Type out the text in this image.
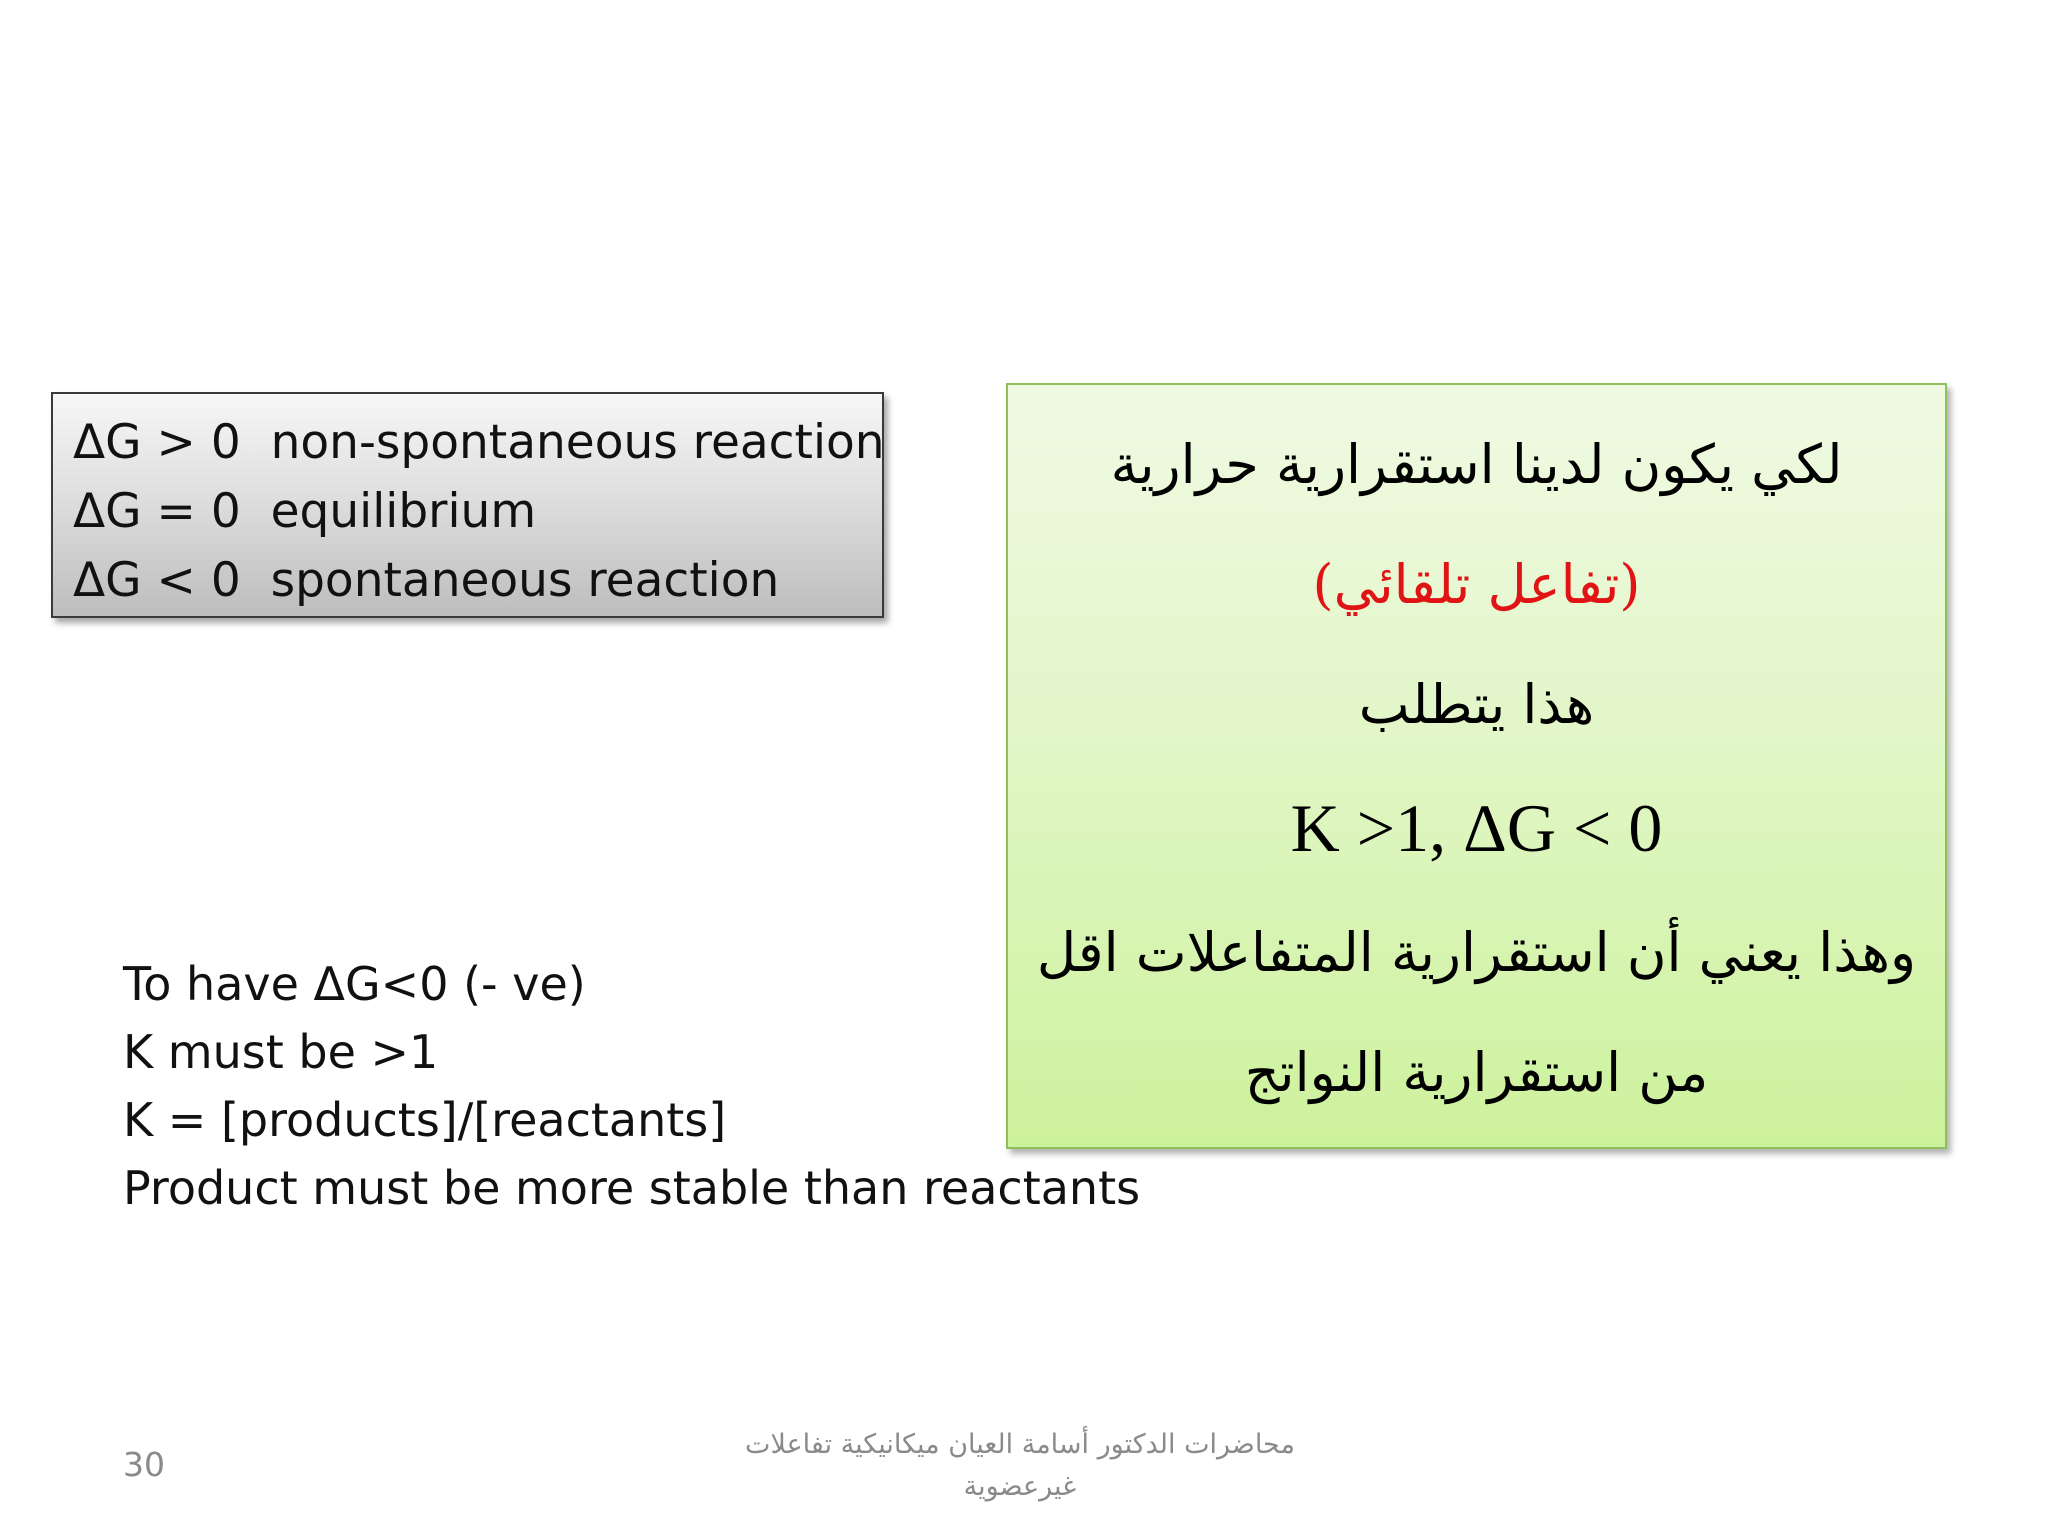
ΔG > 0  non-spontaneous reaction
ΔG = 0  equilibrium
ΔG < 0  spontaneous reaction
لكي يكون لدينا استقرارية حرارية
(تفاعل تلقائي)
هذا يتطلب
K >1, ΔG < 0
وهذا يعني أن استقرارية المتفاعلات اقل
من استقرارية النواتج
To have ΔG<0 (- ve)
K must be >1
K = [products]/[reactants]
Product must be more stable than reactants
30
محاضرات الدكتور أسامة العيان ميكانيكية تفاعلات
غيرعضوية
